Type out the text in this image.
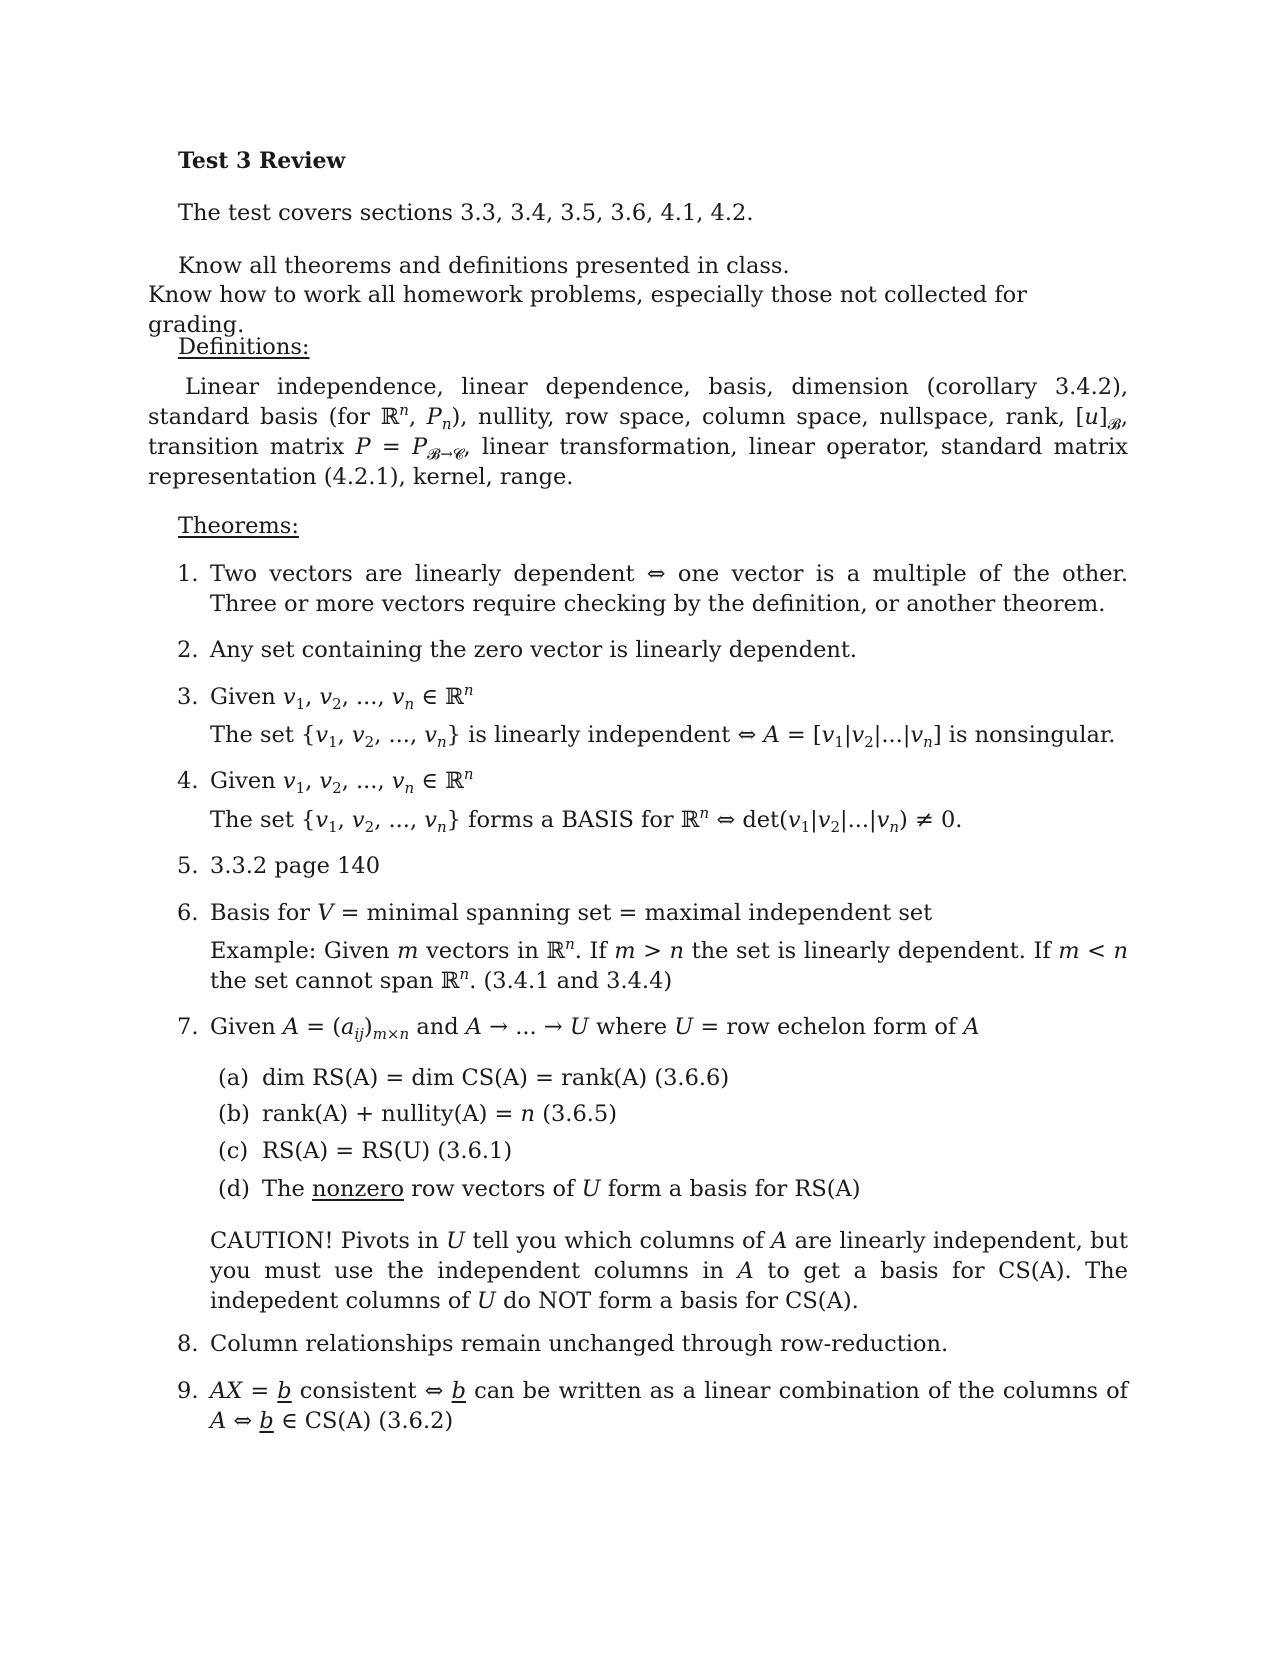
Test 3 Review
The test covers sections 3.3, 3.4, 3.5, 3.6, 4.1, 4.2.
Know all theorems and definitions presented in class.
Know how to work all homework problems, especially those not collected for grading.
Definitions:
Linear independence, linear dependence, basis, dimension (corollary 3.4.2), standard basis (for ℝ$^n$, $P_n$), nullity, row space, column space, nullspace, rank, $[u]_𝓑$, transition matrix $P = P_{𝓑\to 𝓒}$, linear transformation, linear operator, standard matrix representation (4.2.1), kernel, range.
Theorems:
1. Two vectors are linearly dependent ⇔ one vector is a multiple of the other. Three or more vectors require checking by the definition, or another theorem.
2. Any set containing the zero vector is linearly dependent.
3. Given $v_1$, $v_2$, ..., $v_n$ ∈ ℝ$^n$
The set {$v_1$, $v_2$, ..., $v_n$} is linearly independent ⇔ $A = [v_1|v_2|...|v_n]$ is nonsingular.
4. Given $v_1$, $v_2$, ..., $v_n$ ∈ ℝ$^n$
The set {$v_1$, $v_2$, ..., $v_n$} forms a BASIS for ℝ$^n$ ⇔ $\det(v_1|v_2|...|v_n) \ne 0$.
5. 3.3.2 page 140
6. Basis for V = minimal spanning set = maximal independent set
Example: Given m vectors in ℝ$^n$. If m > n the set is linearly dependent. If m < n the set cannot span ℝ$^n$. (3.4.1 and 3.4.4)
7. Given $A = (a_{ij})_{m\times n}$ and A → ... → U where U = row echelon form of A
(a) dim RS(A) = dim CS(A) = rank(A) (3.6.6)
(b) rank(A) + nullity(A) = n (3.6.5)
(c) RS(A) = RS(U) (3.6.1)
(d) The nonzero row vectors of U form a basis for RS(A)
CAUTION! Pivots in U tell you which columns of A are linearly independent, but you must use the independent columns in A to get a basis for CS(A). The indepedent columns of U do NOT form a basis for CS(A).
8. Column relationships remain unchanged through row-reduction.
9. AX = b consistent ⇔ b can be written as a linear combination of the columns of A ⇔ b ∈ CS(A) (3.6.2)
